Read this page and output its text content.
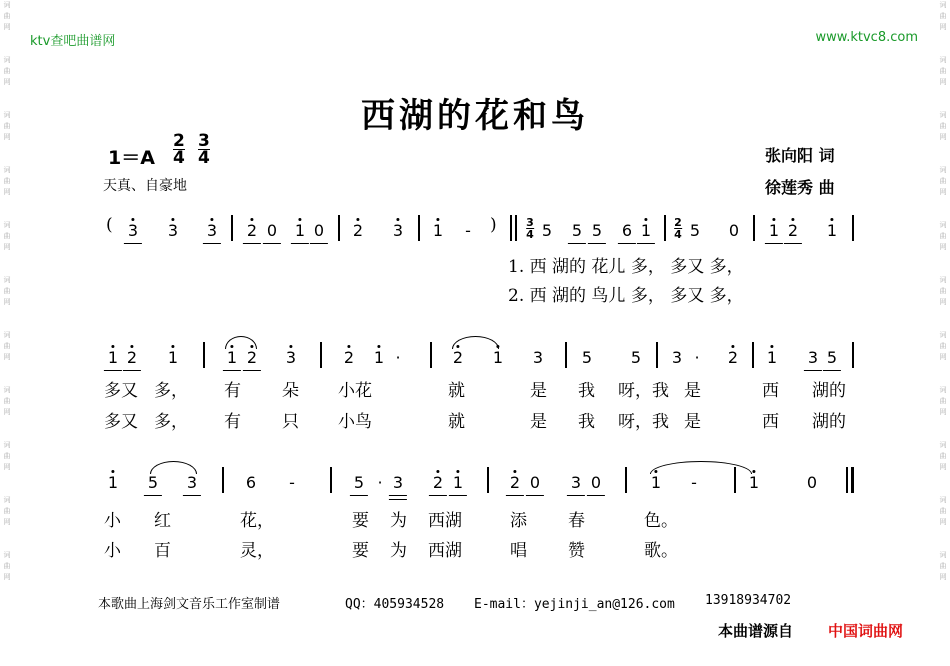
词
曲
网
词
曲
网
词
曲
网
词
曲
网
词
曲
网
词
曲
网
词
曲
网
词
曲
网
词
曲
网
词
曲
网
词
曲
网
词
曲
网
词
曲
网
词
曲
网
词
曲
网
词
曲
网
词
曲
网
词
曲
网
词
曲
网
词
曲
网
词
曲
网
词
曲
网
ktv查吧曲谱网	www.ktvc8.com
西湖的花和鸟
1＝A
2
4
3
4
天真、自豪地
张向阳 词
徐莲秀 曲
( 3 3 3 2 0 1 0 2 3 1 - )	3
4 5 5 5 6 1 2
4 5 0 1 2 1
1. 西 湖的 花儿 多， 多又 多，
2. 西 湖的 鸟儿 多， 多又 多，
1 2 1	1 2 3	2 1 ·	2 1 3 5 5 3 · 2 1 3 5
多又 多， 有 朵 小花	就	是 我 呀，我 是	西 湖的
多又 多， 有 只 小鸟	就	是 我 呀，我 是	西 湖的
1 5 3	6 -	5 · 3 2 1	2 0 3 0	1 -	1	0
小 红	花，	要 为 西湖	添 春	色。
小 百	灵，	要 为 西湖	唱 赞	歌。
本歌曲上海剑文音乐工作室制谱	QQ：405934528 E-mail：yejinji_an@126.com 13918934702
本曲谱源自 中国词曲网
